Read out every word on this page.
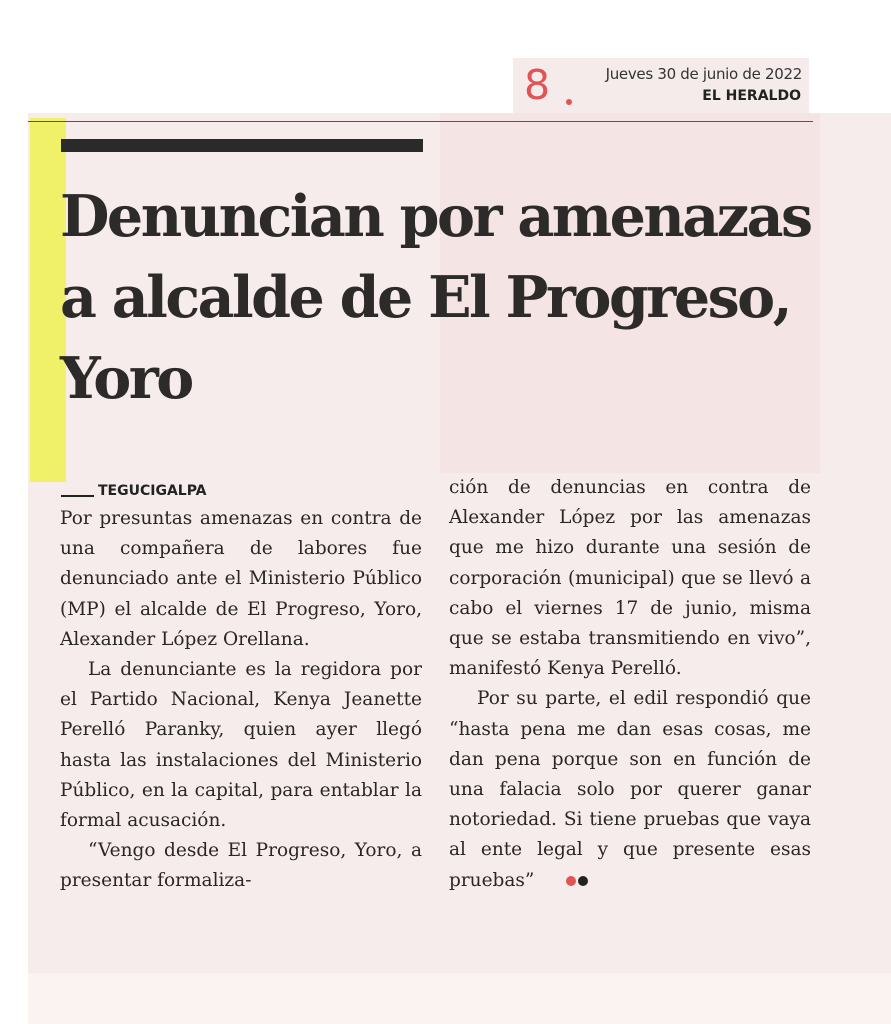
8	Jueves 30 de junio de 2022
EL HERALDO
Denuncian por amenazas a alcalde de El Progreso, Yoro
TEGUCIGALPA

Por presuntas amenazas en contra de una compañera de labores fue denunciado ante el Ministerio Público (MP) el alcalde de El Progreso, Yoro, Alexander López Orellana.

La denunciante es la regidora por el Partido Nacional, Kenya Jeanette Perelló Paranky, quien ayer llegó hasta las instalaciones del Ministerio Público, en la capital, para entablar la formal acusación.

“Vengo desde El Progreso, Yoro, a presentar formaliza-

ción de denuncias en contra de Alexander López por las amenazas que me hizo durante una sesión de corporación (municipal) que se llevó a cabo el viernes 17 de junio, misma que se estaba transmitiendo en vivo”, manifestó Kenya Perelló.

Por su parte, el edil respondió que “hasta pena me dan esas cosas, me dan pena porque son en función de una falacia solo por querer ganar notoriedad. Si tiene pruebas que vaya al ente legal y que presente esas pruebas”
